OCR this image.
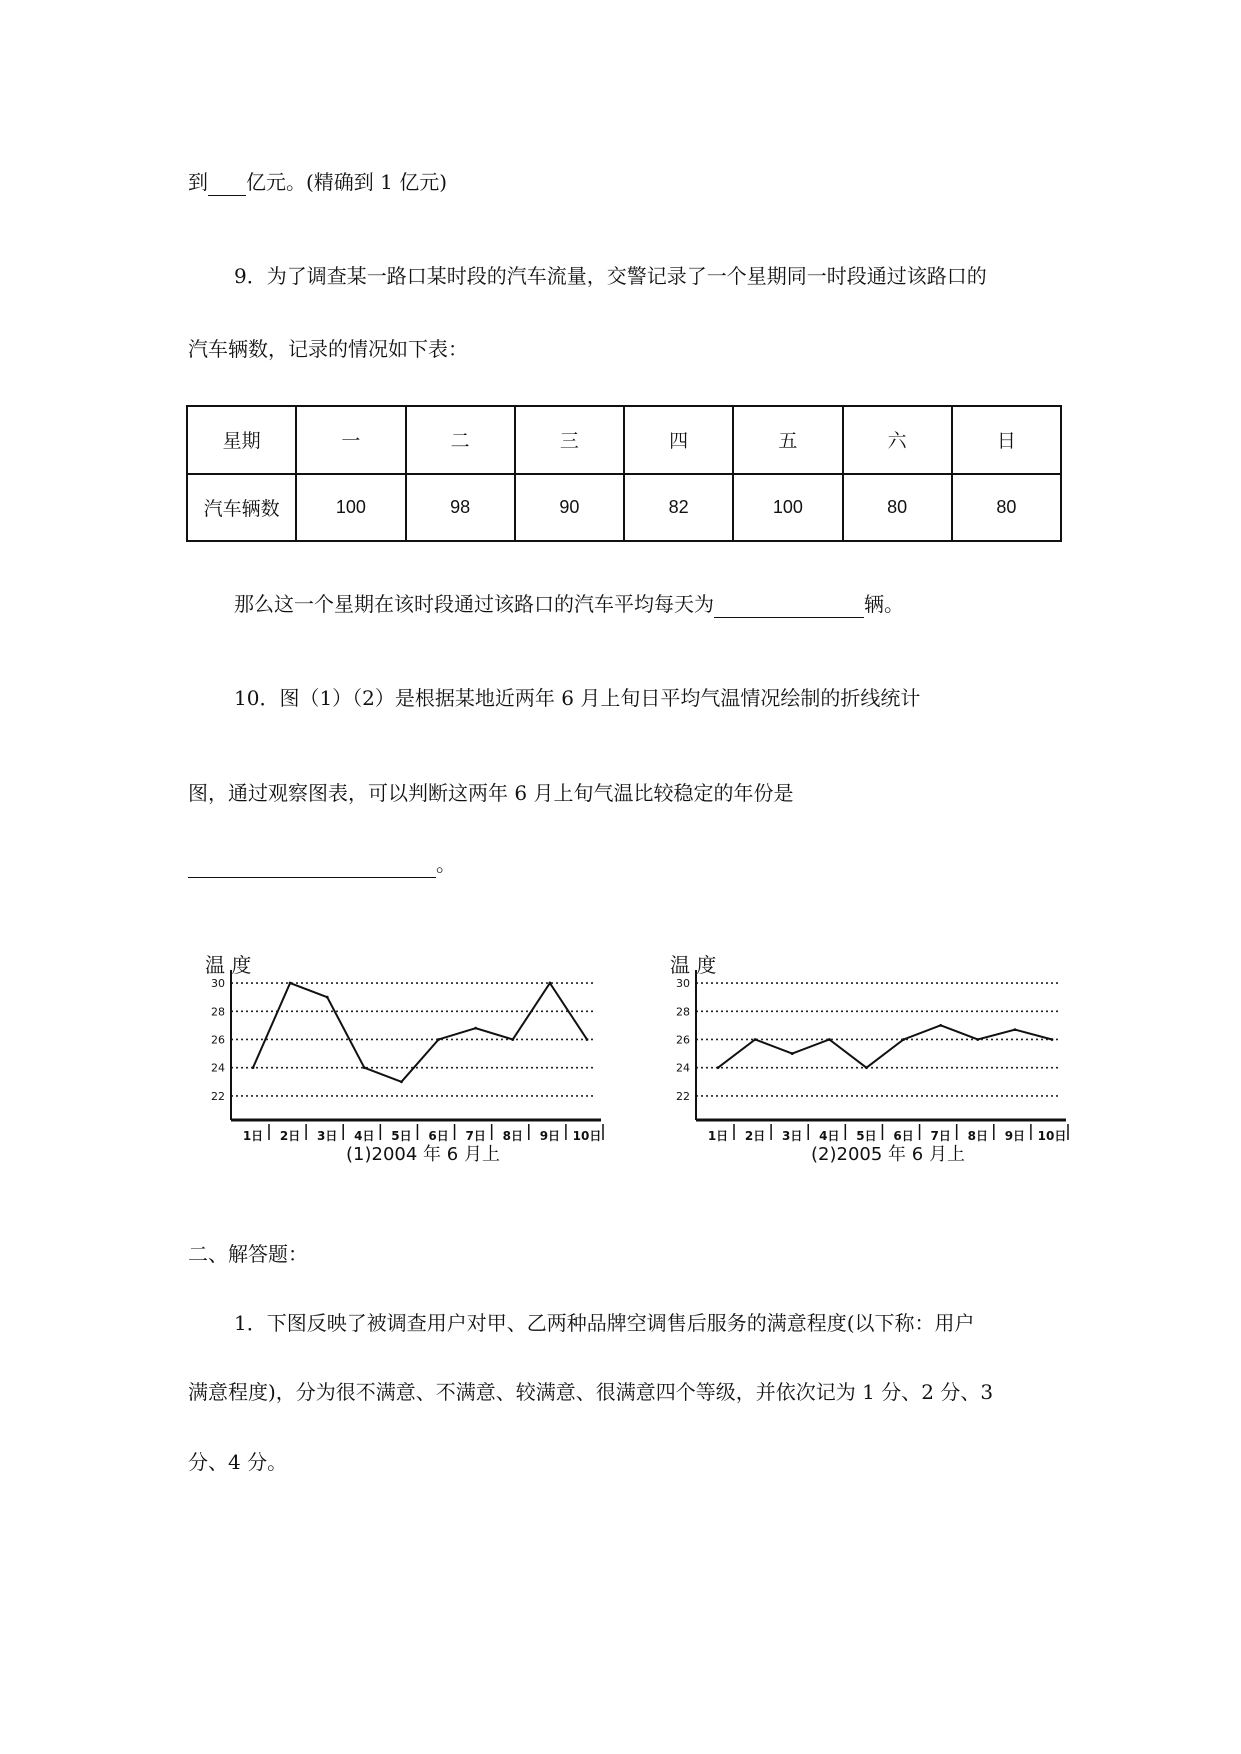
到 亿元。(精确到 1 亿元)
9．为了调查某一路口某时段的汽车流量，交警记录了一个星期同一时段通过该路口的
汽车辆数，记录的情况如下表：
星期	一	二	三	四	五	六	日
汽车辆数	100	98	90	82	100	80	80
那么这一个星期在该时段通过该路口的汽车平均每天为	辆。
10．图（1）（2）是根据某地近两年 6 月上旬日平均气温情况绘制的折线统计
图，通过观察图表，可以判断这两年 6 月上旬气温比较稳定的年份是
。
温 度
22
24
26
28
30
1日 2日 3日 4日 5日 6日 7日 8日 9日 10日
(1)2004 年 6 月上
温 度
22
24
26
28
30
1日 2日 3日 4日 5日 6日 7日 8日 9日 10日
(2)2005 年 6 月上
二、解答题：
1．下图反映了被调查用户对甲、乙两种品牌空调售后服务的满意程度(以下称：用户
满意程度)，分为很不满意、不满意、较满意、很满意四个等级，并依次记为 1 分、2 分、3
分、4 分。
